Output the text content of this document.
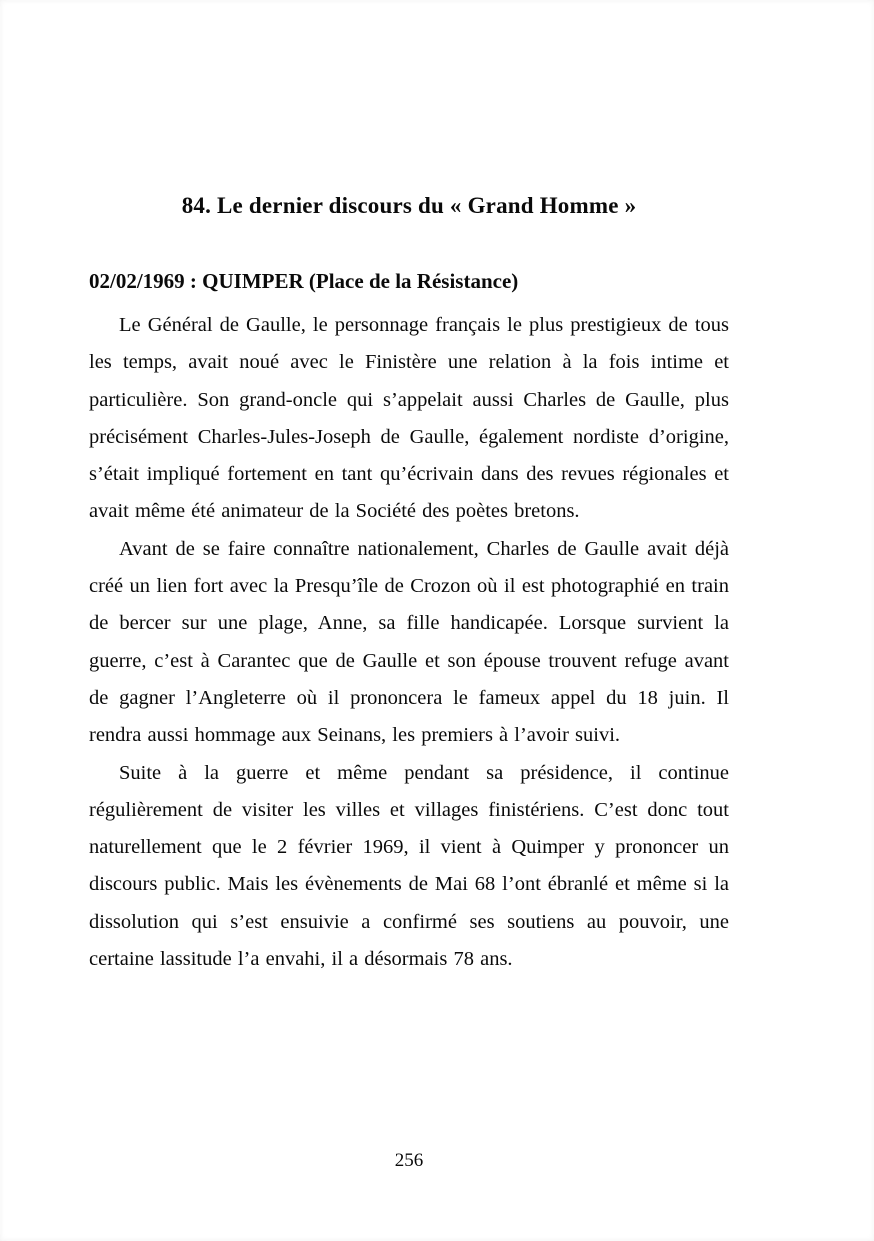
84. Le dernier discours du « Grand Homme »
02/02/1969 : QUIMPER (Place de la Résistance)

Le Général de Gaulle, le personnage français le plus prestigieux de tous les temps, avait noué avec le Finistère une relation à la fois intime et particulière. Son grand-oncle qui s’appelait aussi Charles de Gaulle, plus précisément Charles-Jules-Joseph de Gaulle, également nordiste d’origine, s’était impliqué fortement en tant qu’écrivain dans des revues régionales et avait même été animateur de la Société des poètes bretons.

Avant de se faire connaître nationalement, Charles de Gaulle avait déjà créé un lien fort avec la Presqu’île de Crozon où il est photographié en train de bercer sur une plage, Anne, sa fille handicapée. Lorsque survient la guerre, c’est à Carantec que de Gaulle et son épouse trouvent refuge avant de gagner l’Angleterre où il prononcera le fameux appel du 18 juin. Il rendra aussi hommage aux Seinans, les premiers à l’avoir suivi.

Suite à la guerre et même pendant sa présidence, il continue régulièrement de visiter les villes et villages finistériens. C’est donc tout naturellement que le 2 février 1969, il vient à Quimper y prononcer un discours public. Mais les évènements de Mai 68 l’ont ébranlé et même si la dissolution qui s’est ensuivie a confirmé ses soutiens au pouvoir, une certaine lassitude l’a envahi, il a désormais 78 ans.

256
